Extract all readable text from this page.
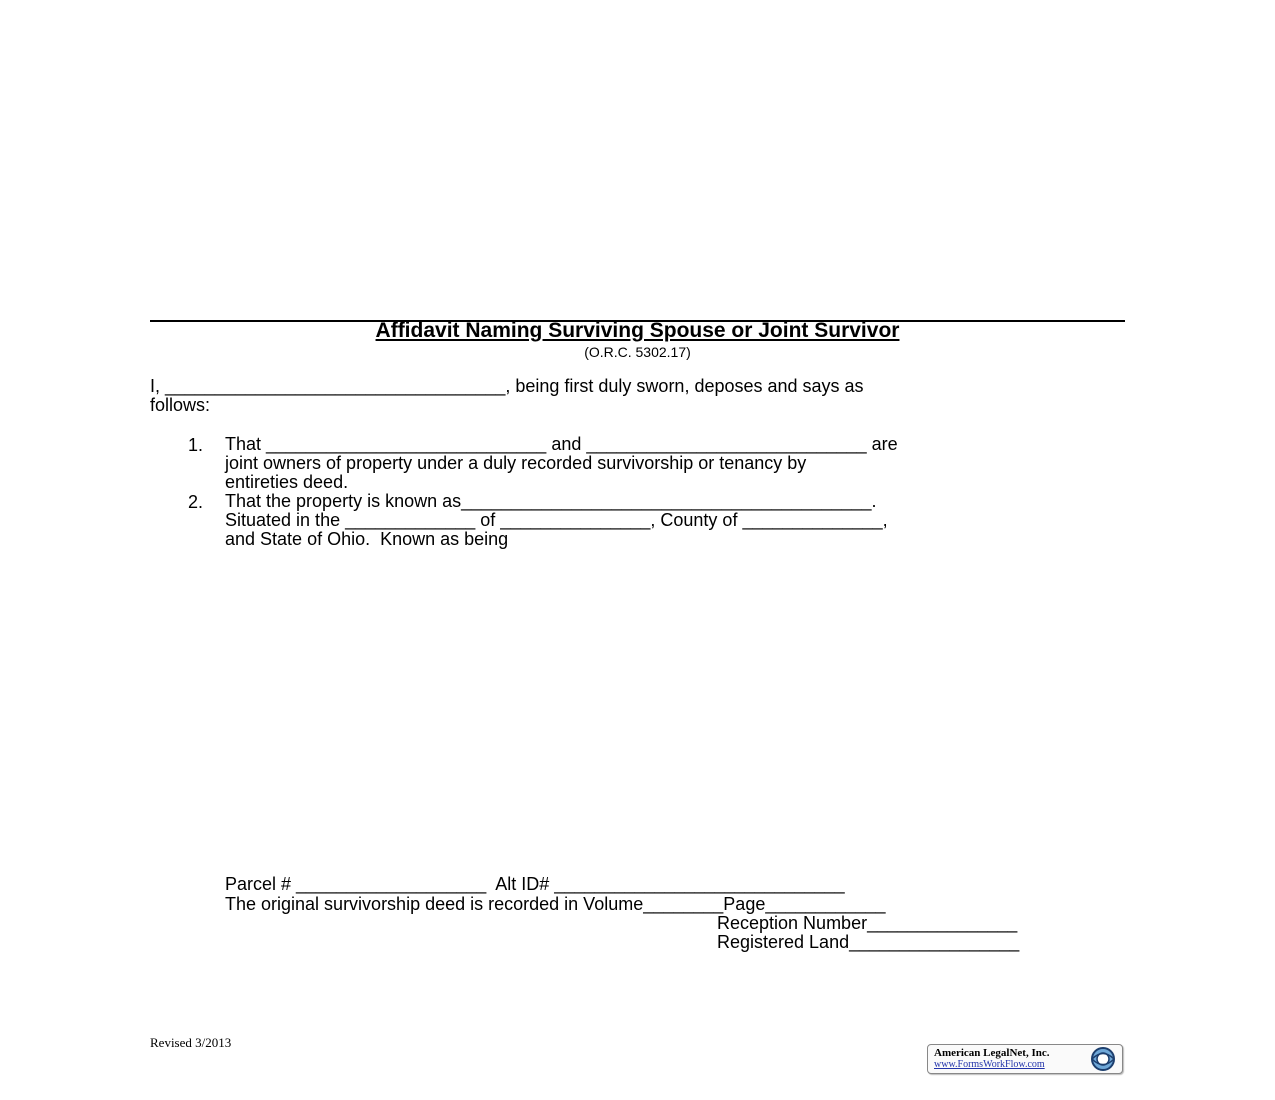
Affidavit Naming Surviving Spouse or Joint Survivor
(O.R.C. 5302.17)
I, __________________________________, being first duly sworn, deposes and says as
follows:
1. That ____________________________ and ____________________________ are
joint owners of property under a duly recorded survivorship or tenancy by
entireties deed.
2. That the property is known as_________________________________________.
Situated in the _____________ of _______________, County of ______________,
and State of Ohio.  Known as being
Parcel # ___________________  Alt ID# _____________________________
The original survivorship deed is recorded in Volume________Page____________
Reception Number_______________
Registered Land_________________
Revised 3/2013
American LegalNet, Inc.
www.FormsWorkFlow.com
